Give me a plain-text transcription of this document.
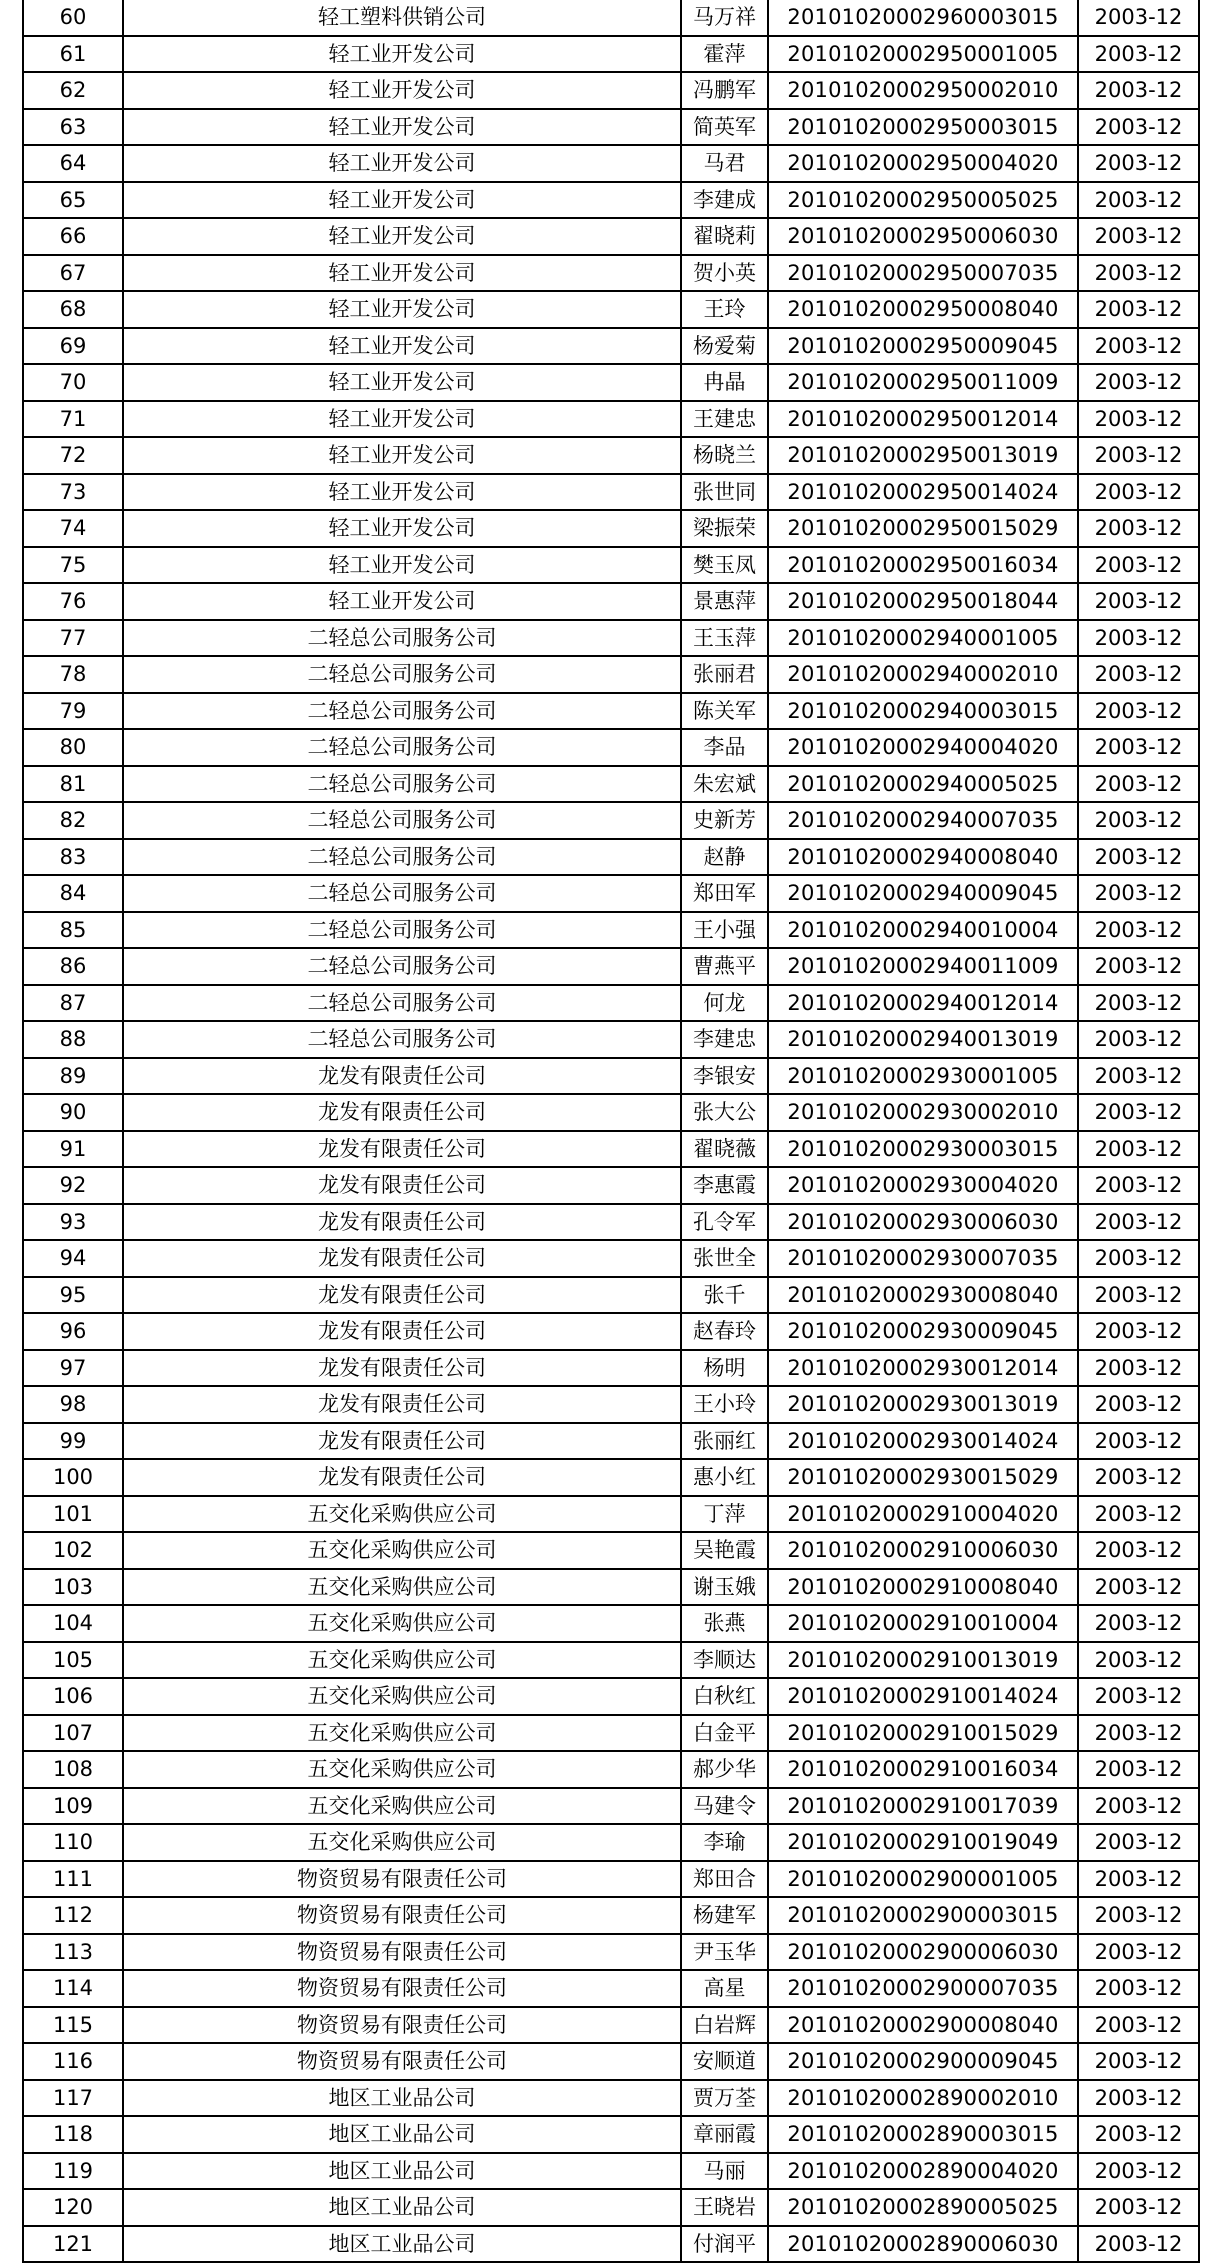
60	轻工塑料供销公司	马万祥	20101020002960003015	2003-12
61	轻工业开发公司	霍萍	20101020002950001005	2003-12
62	轻工业开发公司	冯鹏军	20101020002950002010	2003-12
63	轻工业开发公司	简英军	20101020002950003015	2003-12
64	轻工业开发公司	马君	20101020002950004020	2003-12
65	轻工业开发公司	李建成	20101020002950005025	2003-12
66	轻工业开发公司	翟晓莉	20101020002950006030	2003-12
67	轻工业开发公司	贺小英	20101020002950007035	2003-12
68	轻工业开发公司	王玲	20101020002950008040	2003-12
69	轻工业开发公司	杨爱菊	20101020002950009045	2003-12
70	轻工业开发公司	冉晶	20101020002950011009	2003-12
71	轻工业开发公司	王建忠	20101020002950012014	2003-12
72	轻工业开发公司	杨晓兰	20101020002950013019	2003-12
73	轻工业开发公司	张世同	20101020002950014024	2003-12
74	轻工业开发公司	梁振荣	20101020002950015029	2003-12
75	轻工业开发公司	樊玉凤	20101020002950016034	2003-12
76	轻工业开发公司	景惠萍	20101020002950018044	2003-12
77	二轻总公司服务公司	王玉萍	20101020002940001005	2003-12
78	二轻总公司服务公司	张丽君	20101020002940002010	2003-12
79	二轻总公司服务公司	陈关军	20101020002940003015	2003-12
80	二轻总公司服务公司	李品	20101020002940004020	2003-12
81	二轻总公司服务公司	朱宏斌	20101020002940005025	2003-12
82	二轻总公司服务公司	史新芳	20101020002940007035	2003-12
83	二轻总公司服务公司	赵静	20101020002940008040	2003-12
84	二轻总公司服务公司	郑田军	20101020002940009045	2003-12
85	二轻总公司服务公司	王小强	20101020002940010004	2003-12
86	二轻总公司服务公司	曹燕平	20101020002940011009	2003-12
87	二轻总公司服务公司	何龙	20101020002940012014	2003-12
88	二轻总公司服务公司	李建忠	20101020002940013019	2003-12
89	龙发有限责任公司	李银安	20101020002930001005	2003-12
90	龙发有限责任公司	张大公	20101020002930002010	2003-12
91	龙发有限责任公司	翟晓薇	20101020002930003015	2003-12
92	龙发有限责任公司	李惠霞	20101020002930004020	2003-12
93	龙发有限责任公司	孔令军	20101020002930006030	2003-12
94	龙发有限责任公司	张世全	20101020002930007035	2003-12
95	龙发有限责任公司	张千	20101020002930008040	2003-12
96	龙发有限责任公司	赵春玲	20101020002930009045	2003-12
97	龙发有限责任公司	杨明	20101020002930012014	2003-12
98	龙发有限责任公司	王小玲	20101020002930013019	2003-12
99	龙发有限责任公司	张丽红	20101020002930014024	2003-12
100	龙发有限责任公司	惠小红	20101020002930015029	2003-12
101	五交化采购供应公司	丁萍	20101020002910004020	2003-12
102	五交化采购供应公司	吴艳霞	20101020002910006030	2003-12
103	五交化采购供应公司	谢玉娥	20101020002910008040	2003-12
104	五交化采购供应公司	张燕	20101020002910010004	2003-12
105	五交化采购供应公司	李顺达	20101020002910013019	2003-12
106	五交化采购供应公司	白秋红	20101020002910014024	2003-12
107	五交化采购供应公司	白金平	20101020002910015029	2003-12
108	五交化采购供应公司	郝少华	20101020002910016034	2003-12
109	五交化采购供应公司	马建令	20101020002910017039	2003-12
110	五交化采购供应公司	李瑜	20101020002910019049	2003-12
111	物资贸易有限责任公司	郑田合	20101020002900001005	2003-12
112	物资贸易有限责任公司	杨建军	20101020002900003015	2003-12
113	物资贸易有限责任公司	尹玉华	20101020002900006030	2003-12
114	物资贸易有限责任公司	高星	20101020002900007035	2003-12
115	物资贸易有限责任公司	白岩辉	20101020002900008040	2003-12
116	物资贸易有限责任公司	安顺道	20101020002900009045	2003-12
117	地区工业品公司	贾万荃	20101020002890002010	2003-12
118	地区工业品公司	章丽霞	20101020002890003015	2003-12
119	地区工业品公司	马丽	20101020002890004020	2003-12
120	地区工业品公司	王晓岩	20101020002890005025	2003-12
121	地区工业品公司	付润平	20101020002890006030	2003-12
